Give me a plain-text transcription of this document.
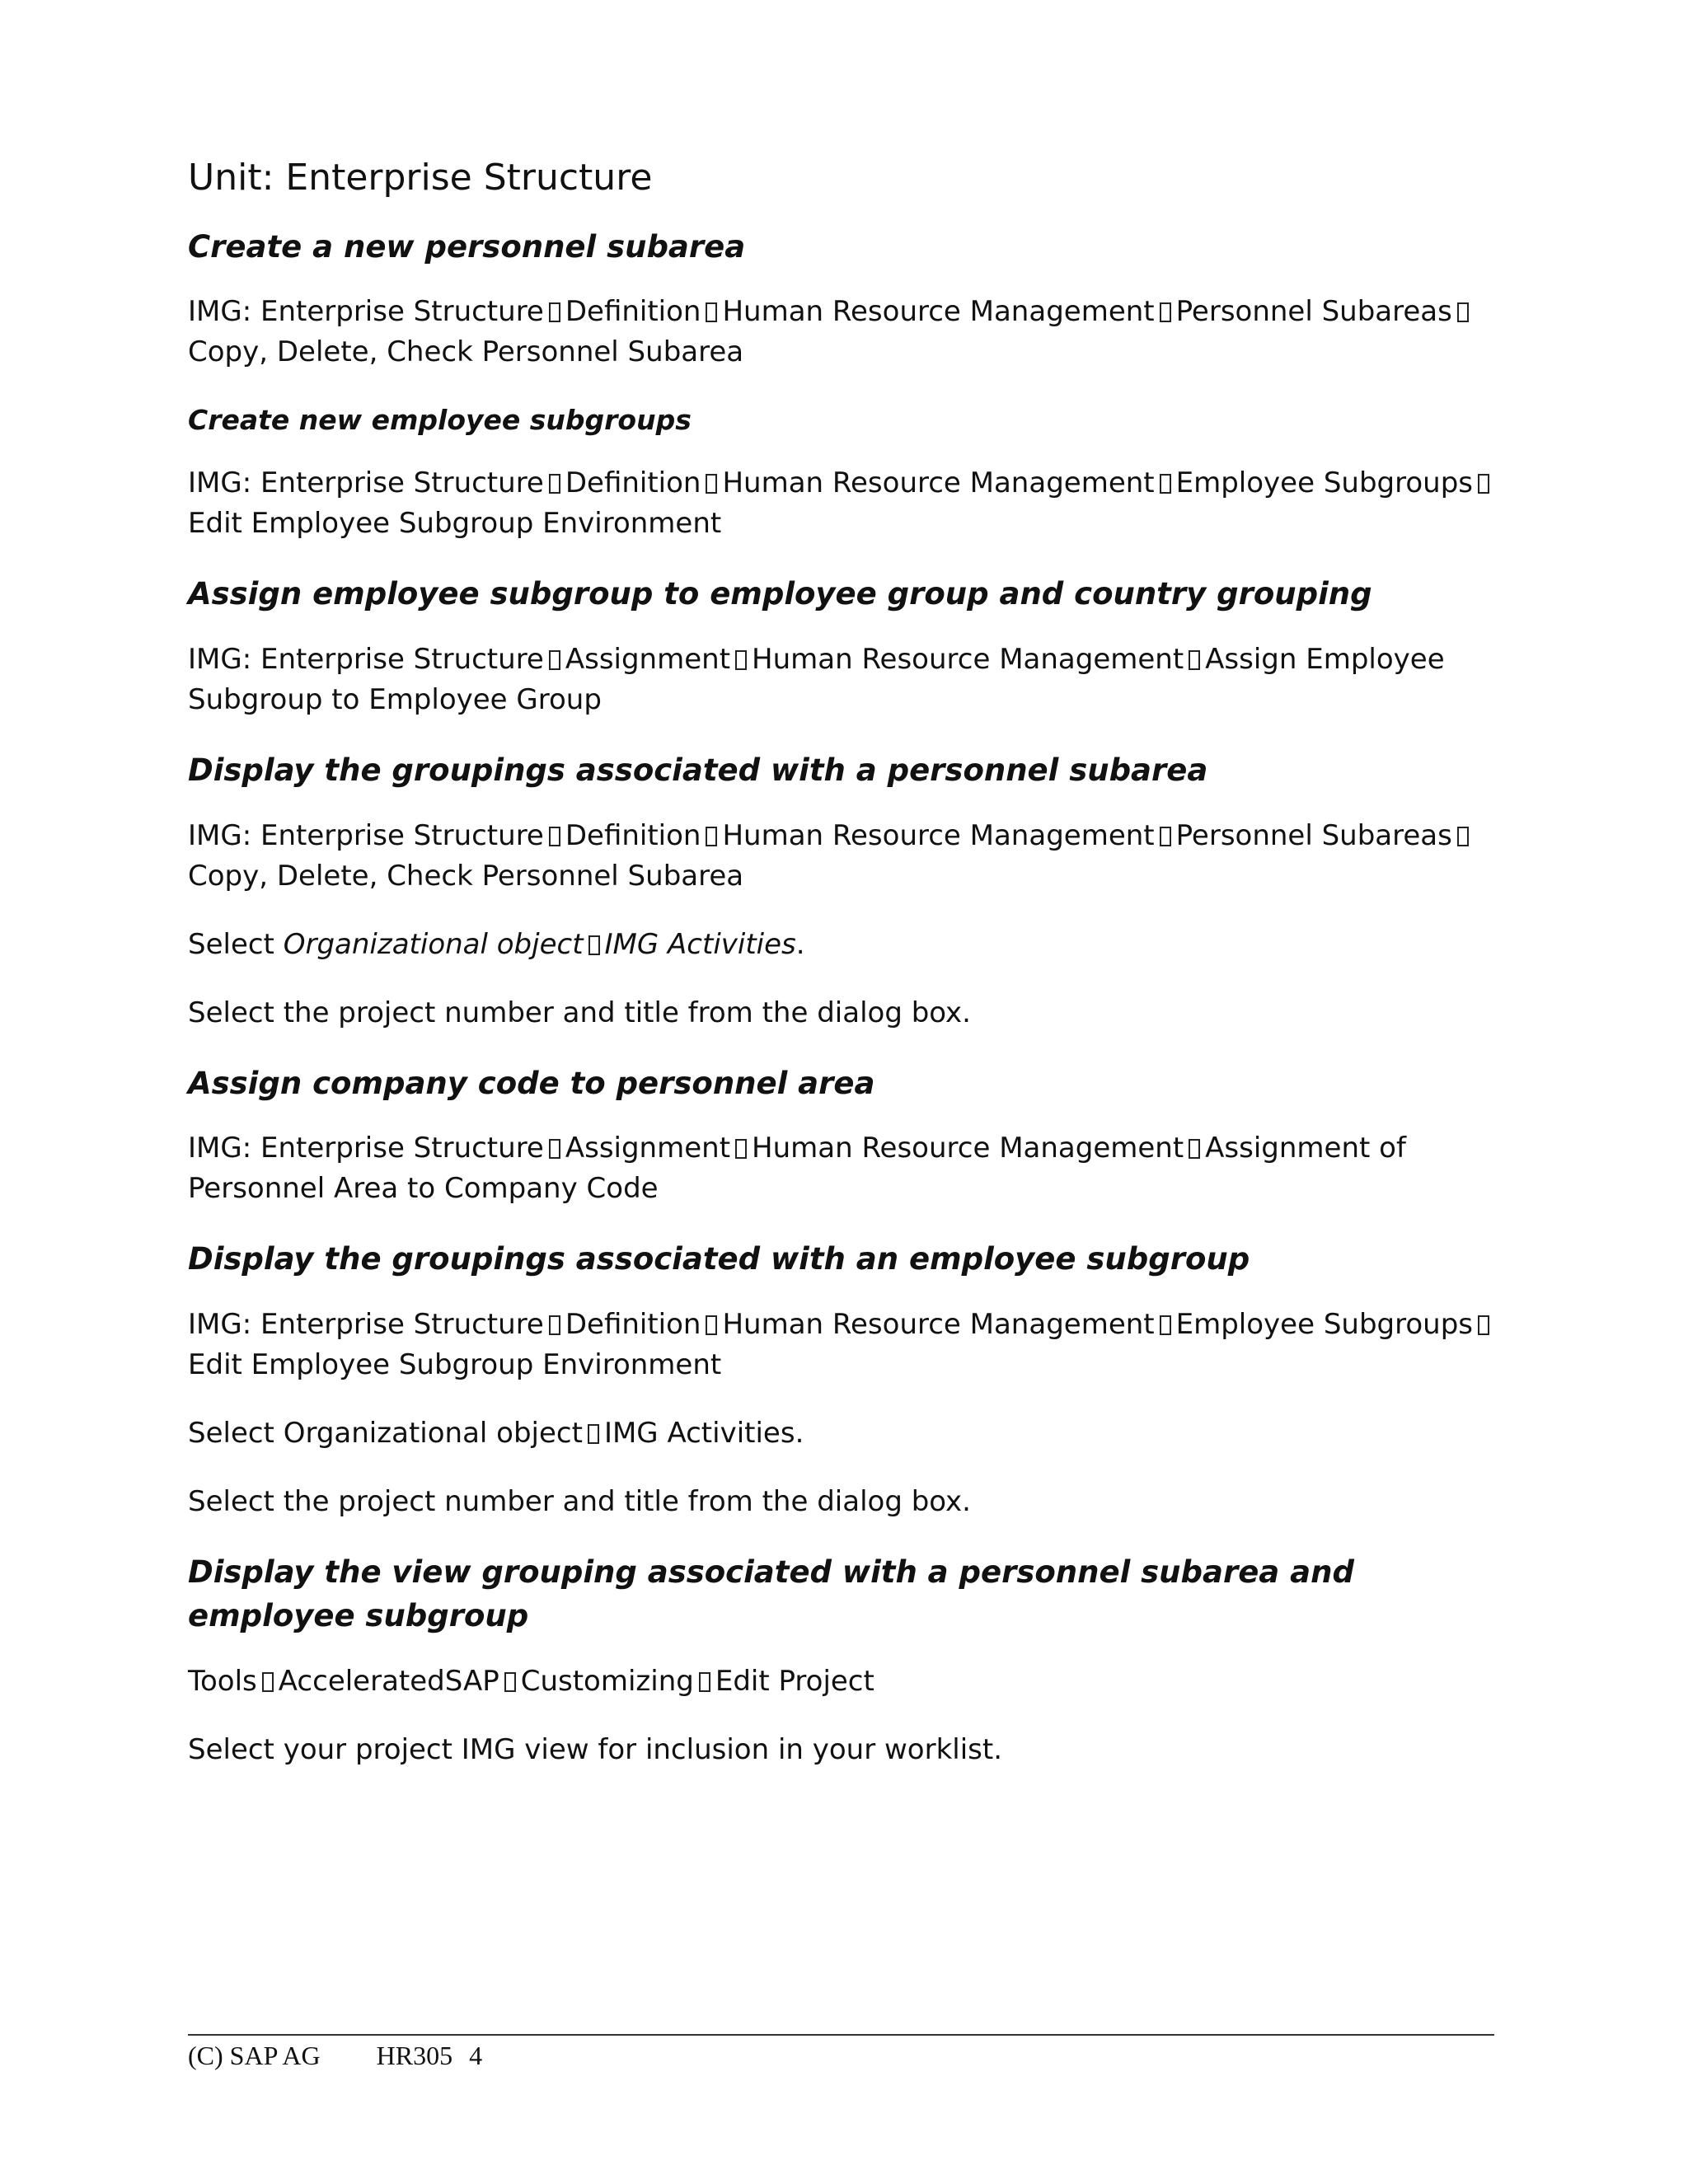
Unit: Enterprise Structure
Create a new personnel subarea

IMG: Enterprise Structure Definition Human Resource Management Personnel Subareas
Copy, Delete, Check Personnel Subarea

Create new employee subgroups

IMG: Enterprise Structure Definition Human Resource Management Employee Subgroups
Edit Employee Subgroup Environment

Assign employee subgroup to employee group and country grouping

IMG: Enterprise Structure Assignment Human Resource Management Assign Employee Subgroup to Employee Group

Display the groupings associated with a personnel subarea

IMG: Enterprise Structure Definition Human Resource Management Personnel Subareas
Copy, Delete, Check Personnel Subarea

Select Organizational object IMG Activities.

Select the project number and title from the dialog box.

Assign company code to personnel area

IMG: Enterprise Structure Assignment Human Resource Management Assignment of Personnel Area to Company Code

Display the groupings associated with an employee subgroup

IMG: Enterprise Structure Definition Human Resource Management Employee Subgroups
Edit Employee Subgroup Environment

Select Organizational object IMG Activities.

Select the project number and title from the dialog box.

Display the view grouping associated with a personnel subarea and employee subgroup

Tools AcceleratedSAP Customizing Edit Project

Select your project IMG view for inclusion in your worklist.

(C) SAP AG HR305 4
